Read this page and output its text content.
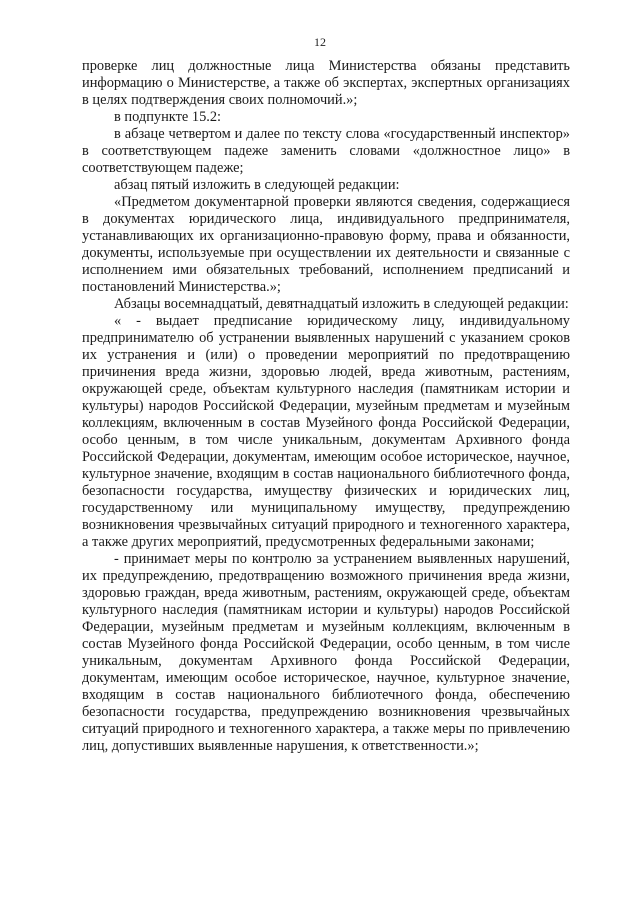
12

проверке лиц должностные лица Министерства обязаны представить информацию о Министерстве, а также об экспертах, экспертных организациях в целях подтверждения своих полномочий.»;

в подпункте 15.2:

в абзаце четвертом и далее по тексту слова «государственный инспектор» в соответствующем падеже заменить словами «должностное лицо» в соответствующем падеже;

абзац пятый изложить в следующей редакции:

«Предметом документарной проверки являются сведения, содержащиеся в документах юридического лица, индивидуального предпринимателя, устанавливающих их организационно-правовую форму, права и обязанности, документы, используемые при осуществлении их деятельности и связанные с исполнением ими обязательных требований, исполнением предписаний и постановлений Министерства.»;

Абзацы восемнадцатый, девятнадцатый изложить в следующей редакции:

« - выдает предписание юридическому лицу, индивидуальному предпринимателю об устранении выявленных нарушений с указанием сроков их устранения и (или) о проведении мероприятий по предотвращению причинения вреда жизни, здоровью людей, вреда животным, растениям, окружающей среде, объектам культурного наследия (памятникам истории и культуры) народов Российской Федерации, музейным предметам и музейным коллекциям, включенным в состав Музейного фонда Российской Федерации, особо ценным, в том числе уникальным, документам Архивного фонда Российской Федерации, документам, имеющим особое историческое, научное, культурное значение, входящим в состав национального библиотечного фонда, безопасности государства, имуществу физических и юридических лиц, государственному или муниципальному имуществу, предупреждению возникновения чрезвычайных ситуаций природного и техногенного характера, а также других мероприятий, предусмотренных федеральными законами;

- принимает меры по контролю за устранением выявленных нарушений, их предупреждению, предотвращению возможного причинения вреда жизни, здоровью граждан, вреда животным, растениям, окружающей среде, объектам культурного наследия (памятникам истории и культуры) народов Российской Федерации, музейным предметам и музейным коллекциям, включенным в состав Музейного фонда Российской Федерации, особо ценным, в том числе уникальным, документам Архивного фонда Российской Федерации, документам, имеющим особое историческое, научное, культурное значение, входящим в состав национального библиотечного фонда, обеспечению безопасности государства, предупреждению возникновения чрезвычайных ситуаций природного и техногенного характера, а также меры по привлечению лиц, допустивших выявленные нарушения, к ответственности.»;
